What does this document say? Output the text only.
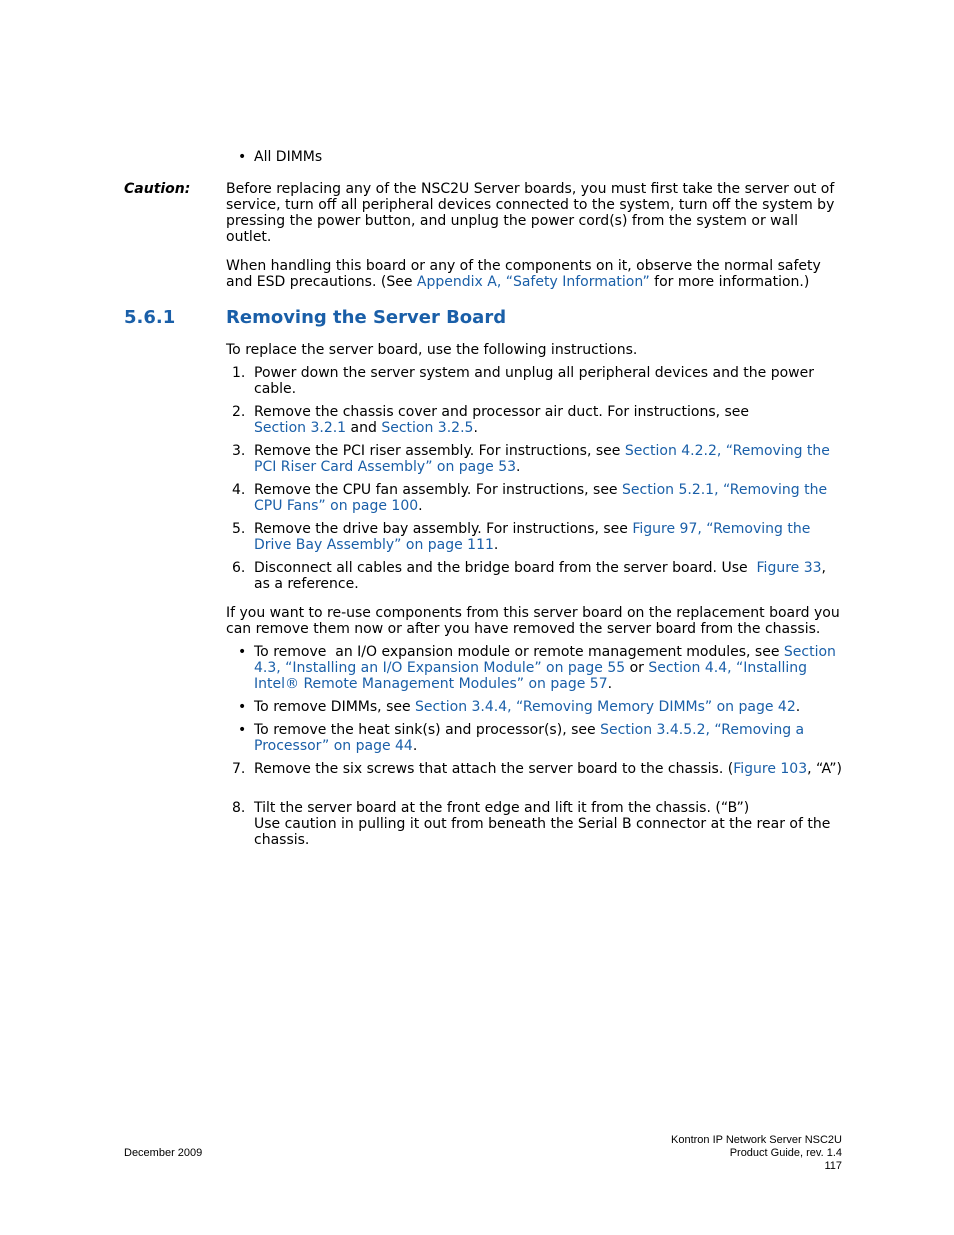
• All DIMMs
Caution:	Before replacing any of the NSC2U Server boards, you must first take the server out of service, turn off all peripheral devices connected to the system, turn off the system by pressing the power button, and unplug the power cord(s) from the system or wall outlet.
When handling this board or any of the components on it, observe the normal safety and ESD precautions. (See Appendix A, “Safety Information” for more information.)
5.6.1	Removing the Server Board
To replace the server board, use the following instructions.
1. Power down the server system and unplug all peripheral devices and the power cable.
2. Remove the chassis cover and processor air duct. For instructions, see Section 3.2.1 and Section 3.2.5.
3. Remove the PCI riser assembly. For instructions, see Section 4.2.2, “Removing the PCI Riser Card Assembly” on page 53.
4. Remove the CPU fan assembly. For instructions, see Section 5.2.1, “Removing the CPU Fans” on page 100.
5. Remove the drive bay assembly. For instructions, see Figure 97, “Removing the Drive Bay Assembly” on page 111.
6. Disconnect all cables and the bridge board from the server board. Use  Figure 33, as a reference.
If you want to re-use components from this server board on the replacement board you can remove them now or after you have removed the server board from the chassis.
• To remove  an I/O expansion module or remote management modules, see Section 4.3, “Installing an I/O Expansion Module” on page 55 or Section 4.4, “Installing Intel® Remote Management Modules” on page 57.
• To remove DIMMs, see Section 3.4.4, “Removing Memory DIMMs” on page 42.
• To remove the heat sink(s) and processor(s), see Section 3.4.5.2, “Removing a Processor” on page 44.
7. Remove the six screws that attach the server board to the chassis. (Figure 103, “A”)
8. Tilt the server board at the front edge and lift it from the chassis. (“B”)
Use caution in pulling it out from beneath the Serial B connector at the rear of the chassis.
December 2009
Kontron IP Network Server NSC2U
Product Guide, rev. 1.4
117
